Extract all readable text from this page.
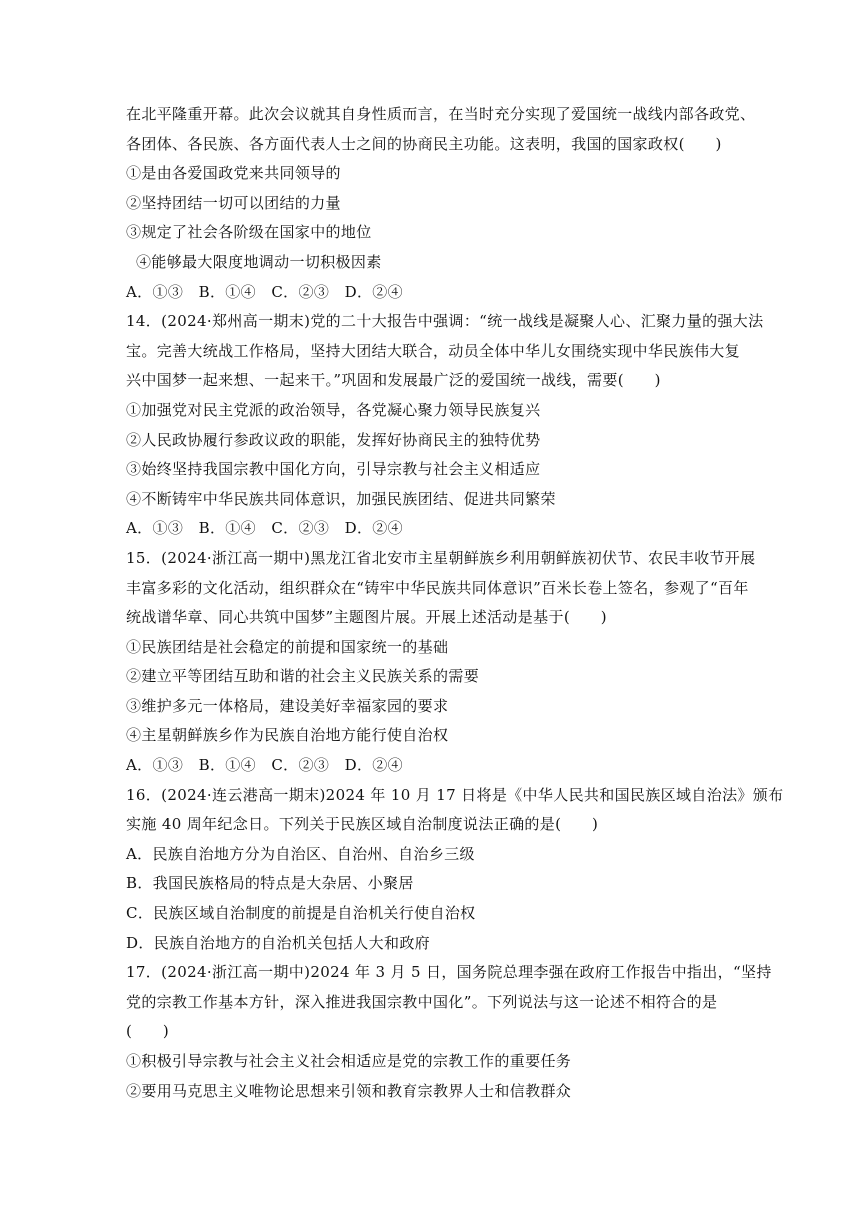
在北平隆重开幕。此次会议就其自身性质而言，在当时充分实现了爱国统一战线内部各政党、
各团体、各民族、各方面代表人士之间的协商民主功能。这表明，我国的国家政权(　　)
①是由各爱国政党来共同领导的
②坚持团结一切可以团结的力量
③规定了社会各阶级在国家中的地位
④能够最大限度地调动一切积极因素
A．①③　B．①④　C．②③　D．②④
14．(2024·郑州高一期末)党的二十大报告中强调：“统一战线是凝聚人心、汇聚力量的强大法
宝。完善大统战工作格局，坚持大团结大联合，动员全体中华儿女围绕实现中华民族伟大复
兴中国梦一起来想、一起来干。”巩固和发展最广泛的爱国统一战线，需要(　　)
①加强党对民主党派的政治领导，各党凝心聚力领导民族复兴
②人民政协履行参政议政的职能，发挥好协商民主的独特优势
③始终坚持我国宗教中国化方向，引导宗教与社会主义相适应
④不断铸牢中华民族共同体意识，加强民族团结、促进共同繁荣
A．①③　B．①④　C．②③　D．②④
15．(2024·浙江高一期中)黑龙江省北安市主星朝鲜族乡利用朝鲜族初伏节、农民丰收节开展
丰富多彩的文化活动，组织群众在“铸牢中华民族共同体意识”百米长卷上签名，参观了“百年
统战谱华章、同心共筑中国梦”主题图片展。开展上述活动是基于(　　)
①民族团结是社会稳定的前提和国家统一的基础
②建立平等团结互助和谐的社会主义民族关系的需要
③维护多元一体格局，建设美好幸福家园的要求
④主星朝鲜族乡作为民族自治地方能行使自治权
A．①③　B．①④　C．②③　D．②④
16．(2024·连云港高一期末)2024 年 10 月 17 日将是《中华人民共和国民族区域自治法》颁布
实施 40 周年纪念日。下列关于民族区域自治制度说法正确的是(　　)
A．民族自治地方分为自治区、自治州、自治乡三级
B．我国民族格局的特点是大杂居、小聚居
C．民族区域自治制度的前提是自治机关行使自治权
D．民族自治地方的自治机关包括人大和政府
17．(2024·浙江高一期中)2024 年 3 月 5 日，国务院总理李强在政府工作报告中指出，“坚持
党的宗教工作基本方针，深入推进我国宗教中国化”。下列说法与这一论述不相符合的是
(　　)
①积极引导宗教与社会主义社会相适应是党的宗教工作的重要任务
②要用马克思主义唯物论思想来引领和教育宗教界人士和信教群众
